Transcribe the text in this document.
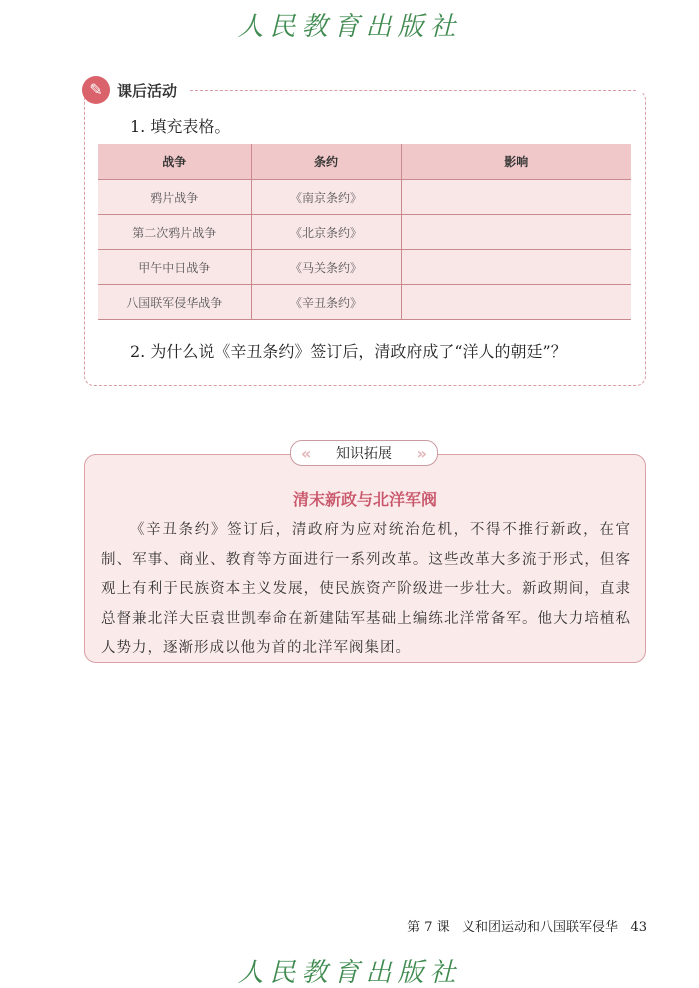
人民教育出版社
✎ 课后活动
1. 填充表格。
战争	条约	影响
鸦片战争	《南京条约》	
第二次鸦片战争	《北京条约》	
甲午中日战争	《马关条约》	
八国联军侵华战争	《辛丑条约》	
2. 为什么说《辛丑条约》签订后，清政府成了“洋人的朝廷”？
« 知识拓展 »
清末新政与北洋军阀
《辛丑条约》签订后，清政府为应对统治危机，不得不推行新政，在官制、军事、商业、教育等方面进行一系列改革。这些改革大多流于形式，但客观上有利于民族资本主义发展，使民族资产阶级进一步壮大。新政期间，直隶总督兼北洋大臣袁世凯奉命在新建陆军基础上编练北洋常备军。他大力培植私人势力，逐渐形成以他为首的北洋军阀集团。
第 7 课 义和团运动和八国联军侵华 43
人民教育出版社
